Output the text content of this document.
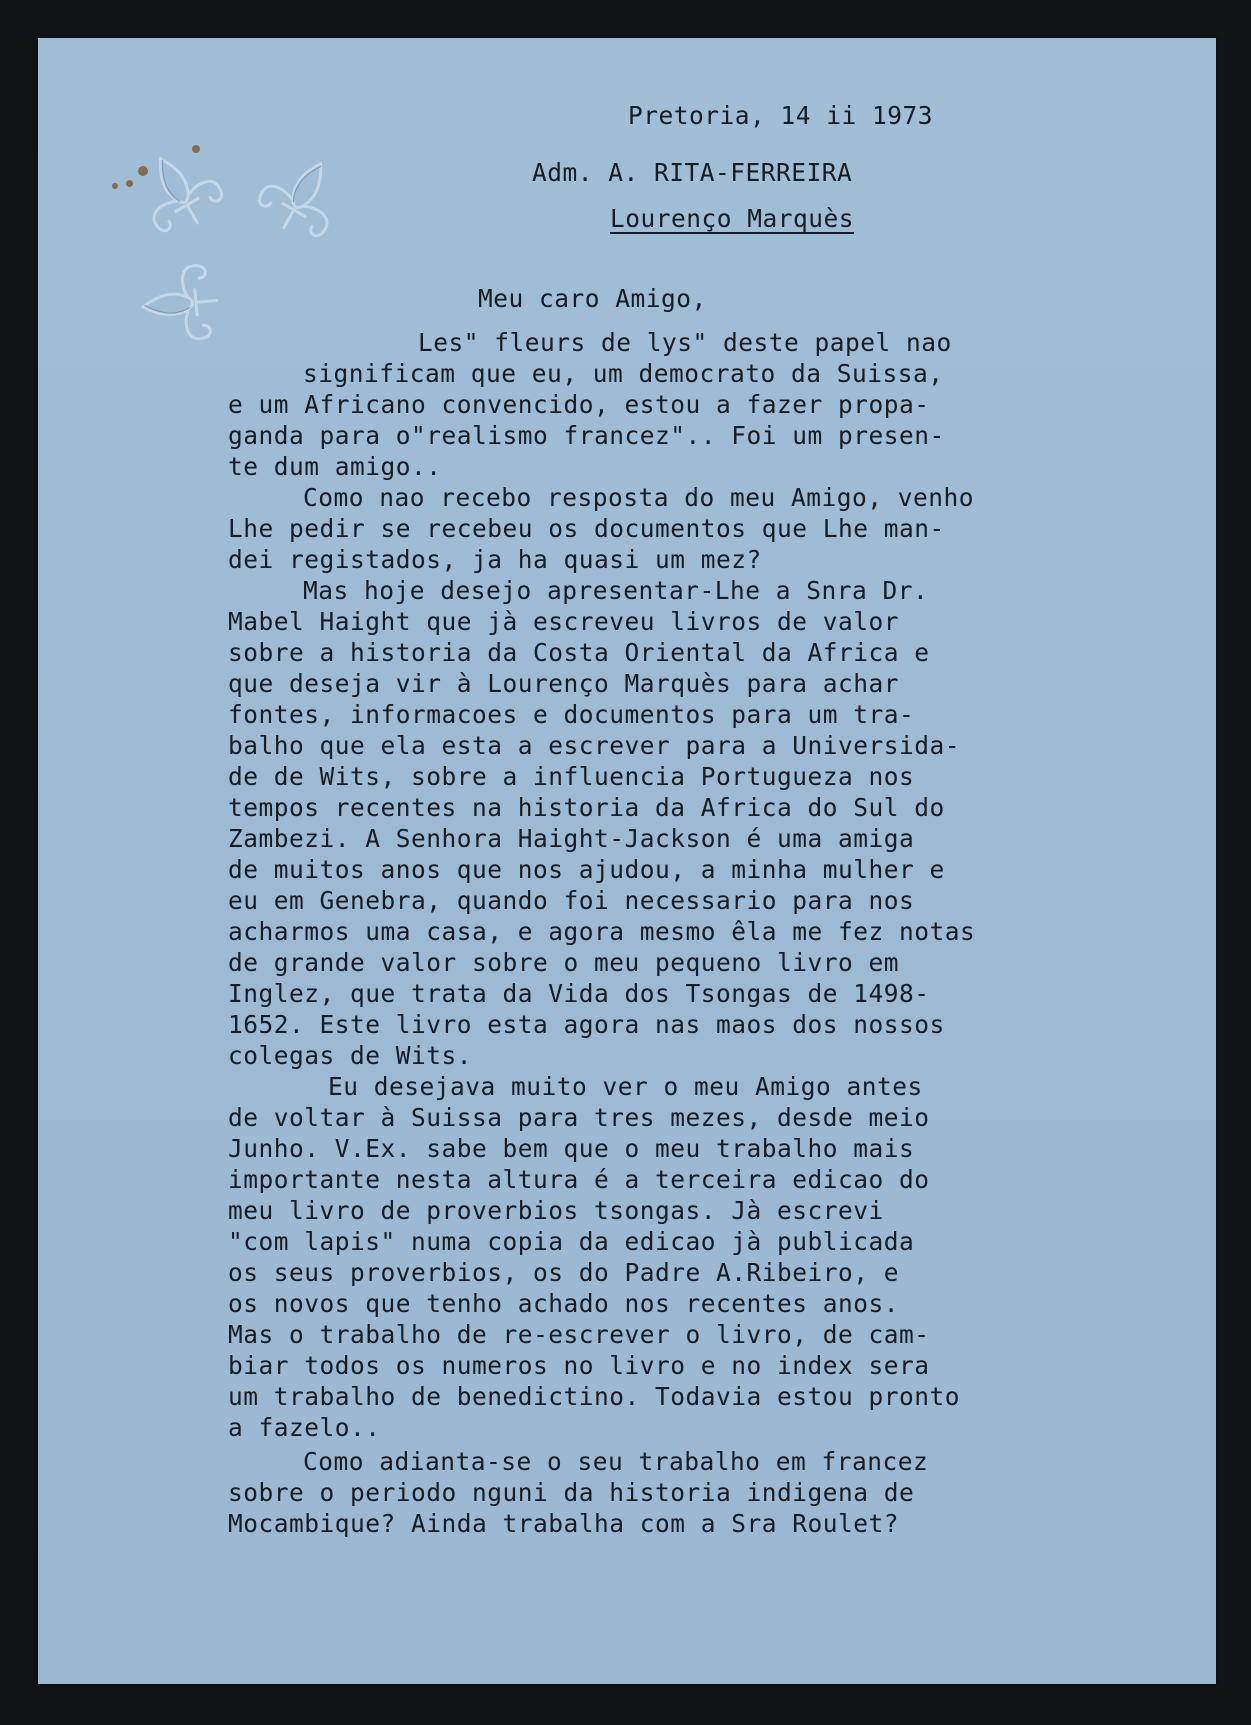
Pretoria, 14 ii 1973

Adm. A. RITA-FERREIRA

Lourenço Marquès

Meu caro Amigo,

Les" fleurs de lys" deste papel nao

significam que eu, um democrato da Suissa,

e um Africano convencido, estou a fazer propa-

ganda para o"realismo francez".. Foi um presen-

te dum amigo..

Como nao recebo resposta do meu Amigo, venho

Lhe pedir se recebeu os documentos que Lhe man-

dei registados, ja ha quasi um mez?

Mas hoje desejo apresentar-Lhe a Snra Dr.

Mabel Haight que jà escreveu livros de valor

sobre a historia da Costa Oriental da Africa e

que deseja vir à Lourenço Marquès para achar

fontes, informacoes e documentos para um tra-

balho que ela esta a escrever para a Universida-

de de Wits, sobre a influencia Portugueza nos

tempos recentes na historia da Africa do Sul do

Zambezi. A Senhora Haight-Jackson é uma amiga

de muitos anos que nos ajudou, a minha mulher e

eu em Genebra, quando foi necessario para nos

acharmos uma casa, e agora mesmo êla me fez notas

de grande valor sobre o meu pequeno livro em

Inglez, que trata da Vida dos Tsongas de 1498-

1652. Este livro esta agora nas maos dos nossos

colegas de Wits.

Eu desejava muito ver o meu Amigo antes

de voltar à Suissa para tres mezes, desde meio

Junho. V.Ex. sabe bem que o meu trabalho mais

importante nesta altura é a terceira edicao do

meu livro de proverbios tsongas. Jà escrevi

"com lapis" numa copia da edicao jà publicada

os seus proverbios, os do Padre A.Ribeiro, e

os novos que tenho achado nos recentes anos.

Mas o trabalho de re-escrever o livro, de cam-

biar todos os numeros no livro e no index sera

um trabalho de benedictino. Todavia estou pronto

a fazelo..

Como adianta-se o seu trabalho em francez

sobre o periodo nguni da historia indigena de

Mocambique? Ainda trabalha com a Sra Roulet?
